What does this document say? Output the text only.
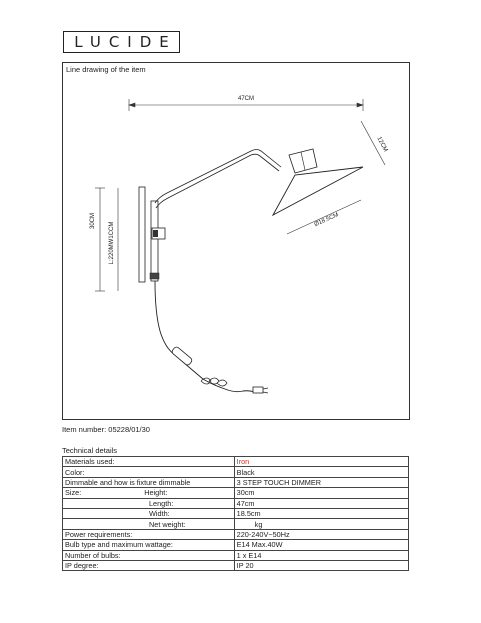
LUCIDE
Line drawing of the item
47CM
12CM
Ø18.5CM
30CM
L:220MW1CCM
Item number: 05228/01/30
Technical details
Materials used:	Iron
Color:	Black
Dimmable and how is fixture dimmable	3 STEP TOUCH DIMMER
Size: Height:	30cm
Length:	47cm
Width:	18.5cm
Net weight:	kg
Power requirements:	220-240V~50Hz
Bulb type and maximum wattage:	E14 Max.40W
Number of bulbs:	1 x E14
IP degree:	IP 20
